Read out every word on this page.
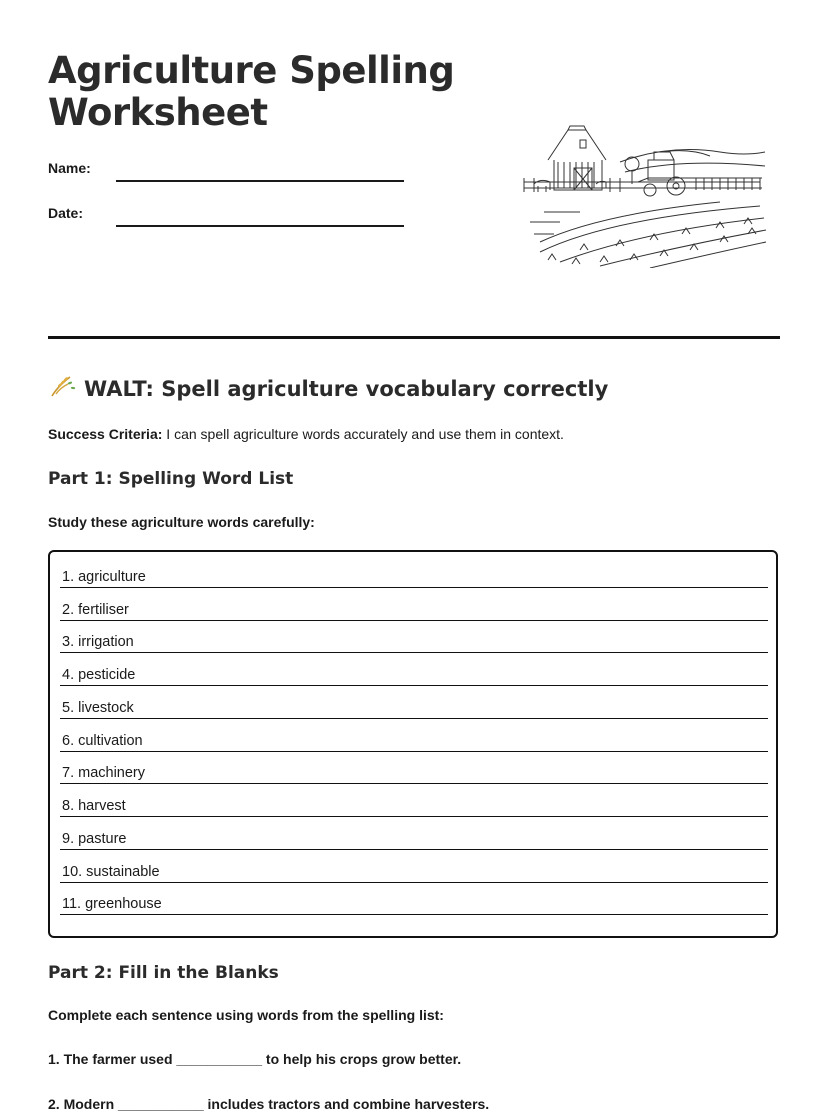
Agriculture Spelling Worksheet
Name:
Date:
WALT: Spell agriculture vocabulary correctly
Success Criteria: I can spell agriculture words accurately and use them in context.
Part 1: Spelling Word List
Study these agriculture words carefully:
1. agriculture
2. fertiliser
3. irrigation
4. pesticide
5. livestock
6. cultivation
7. machinery
8. harvest
9. pasture
10. sustainable
11. greenhouse
Part 2: Fill in the Blanks
Complete each sentence using words from the spelling list:
1. The farmer used ___________ to help his crops grow better.
2. Modern ___________ includes tractors and combine harvesters.
